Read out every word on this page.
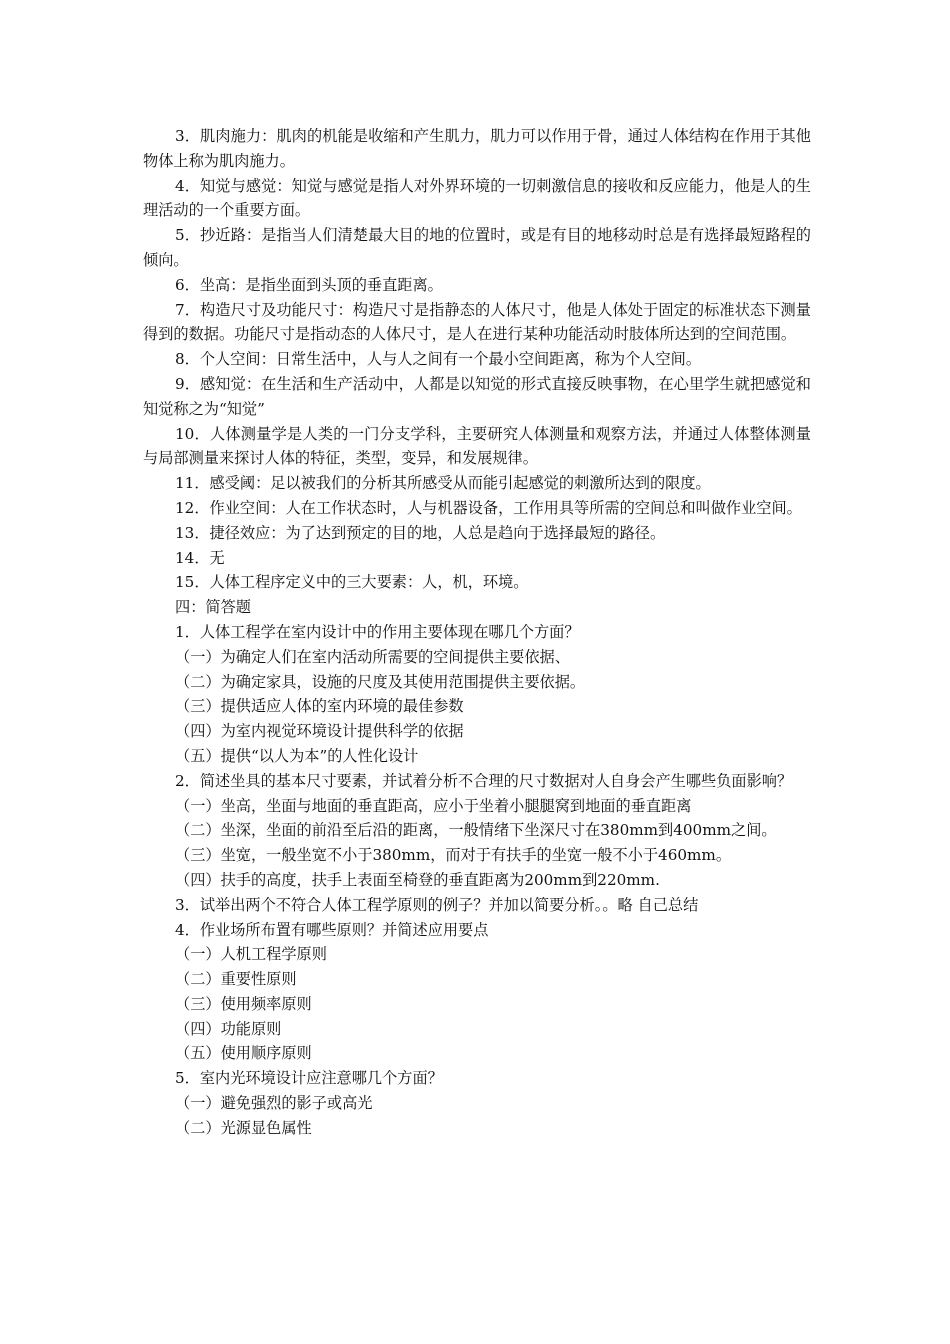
3．肌肉施力：肌肉的机能是收缩和产生肌力，肌力可以作用于骨，通过人体结构在作用于其他物体上称为肌肉施力。

4．知觉与感觉：知觉与感觉是指人对外界环境的一切刺激信息的接收和反应能力，他是人的生理活动的一个重要方面。

5．抄近路：是指当人们清楚最大目的地的位置时，或是有目的地移动时总是有选择最短路程的倾向。

6．坐高：是指坐面到头顶的垂直距离。

7．构造尺寸及功能尺寸：构造尺寸是指静态的人体尺寸，他是人体处于固定的标准状态下测量得到的数据。功能尺寸是指动态的人体尺寸，是人在进行某种功能活动时肢体所达到的空间范围。

8．个人空间：日常生活中，人与人之间有一个最小空间距离，称为个人空间。

9．感知觉：在生活和生产活动中，人都是以知觉的形式直接反映事物，在心里学生就把感觉和知觉称之为“知觉”

10．人体测量学是人类的一门分支学科，主要研究人体测量和观察方法，并通过人体整体测量与局部测量来探讨人体的特征，类型，变异，和发展规律。

11．感受阈：足以被我们的分析其所感受从而能引起感觉的刺激所达到的限度。

12．作业空间：人在工作状态时，人与机器设备，工作用具等所需的空间总和叫做作业空间。

13．捷径效应：为了达到预定的目的地，人总是趋向于选择最短的路径。

14．无

15．人体工程序定义中的三大要素：人，机，环境。

四：简答题

1．人体工程学在室内设计中的作用主要体现在哪几个方面？

（一）为确定人们在室内活动所需要的空间提供主要依据、

（二）为确定家具，设施的尺度及其使用范围提供主要依据。

（三）提供适应人体的室内环境的最佳参数

（四）为室内视觉环境设计提供科学的依据

（五）提供“以人为本”的人性化设计

2．简述坐具的基本尺寸要素，并试着分析不合理的尺寸数据对人自身会产生哪些负面影响？

（一）坐高，坐面与地面的垂直距高，应小于坐着小腿腿窝到地面的垂直距离

（二）坐深，坐面的前沿至后沿的距离，一般情绪下坐深尺寸在380mm到400mm之间。

（三）坐宽，一般坐宽不小于380mm，而对于有扶手的坐宽一般不小于460mm。

（四）扶手的高度，扶手上表面至椅登的垂直距离为200mm到220mm.

3．试举出两个不符合人体工程学原则的例子？并加以简要分析。。略 自己总结

4．作业场所布置有哪些原则？并简述应用要点

（一）人机工程学原则

（二）重要性原则

（三）使用频率原则

（四）功能原则

（五）使用顺序原则

5．室内光环境设计应注意哪几个方面？

（一）避免强烈的影子或高光

（二）光源显色属性
